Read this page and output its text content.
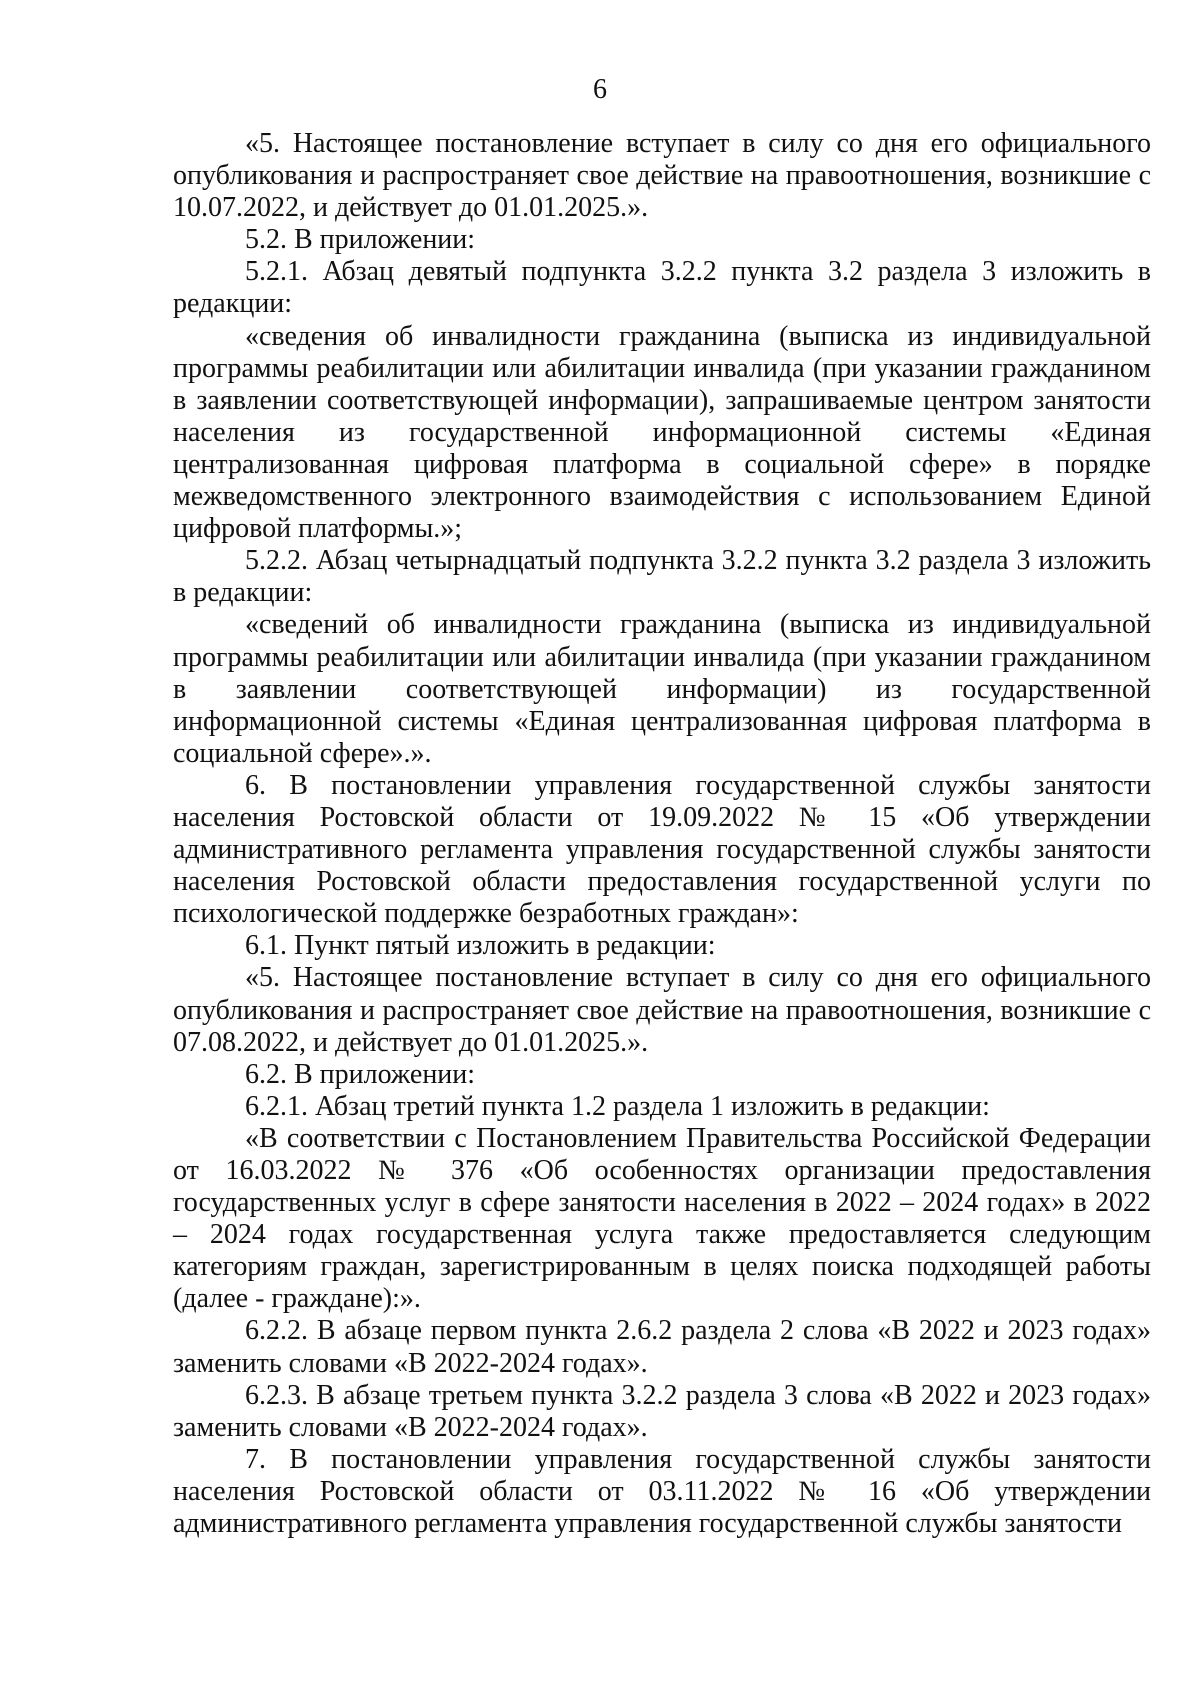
6

«5. Настоящее постановление вступает в силу со дня его официального опубликования и распространяет свое действие на правоотношения, возникшие с 10.07.2022, и действует до 01.01.2025.».

5.2. В приложении:

5.2.1. Абзац девятый подпункта 3.2.2 пункта 3.2 раздела 3 изложить в редакции:

«сведения об инвалидности гражданина (выписка из индивидуальной программы реабилитации или абилитации инвалида (при указании гражданином в заявлении соответствующей информации), запрашиваемые центром занятости населения из государственной информационной системы «Единая централизованная цифровая платформа в социальной сфере» в порядке межведомственного электронного взаимодействия с использованием Единой цифровой платформы.»;

5.2.2. Абзац четырнадцатый подпункта 3.2.2 пункта 3.2 раздела 3 изложить в редакции:

«сведений об инвалидности гражданина (выписка из индивидуальной программы реабилитации или абилитации инвалида (при указании гражданином в заявлении соответствующей информации) из государственной информационной системы «Единая централизованная цифровая платформа в социальной сфере».».

6. В постановлении управления государственной службы занятости населения Ростовской области от 19.09.2022 № 15 «Об утверждении административного регламента управления государственной службы занятости населения Ростовской области предоставления государственной услуги по психологической поддержке безработных граждан»:

6.1. Пункт пятый изложить в редакции:

«5. Настоящее постановление вступает в силу со дня его официального опубликования и распространяет свое действие на правоотношения, возникшие с 07.08.2022, и действует до 01.01.2025.».

6.2. В приложении:

6.2.1. Абзац третий пункта 1.2 раздела 1 изложить в редакции:

«В соответствии с Постановлением Правительства Российской Федерации от 16.03.2022 № 376 «Об особенностях организации предоставления государственных услуг в сфере занятости населения в 2022 – 2024 годах» в 2022 – 2024 годах государственная услуга также предоставляется следующим категориям граждан, зарегистрированным в целях поиска подходящей работы (далее - граждане):».

6.2.2. В абзаце первом пункта 2.6.2 раздела 2 слова «В 2022 и 2023 годах» заменить словами «В 2022-2024 годах».

6.2.3. В абзаце третьем пункта 3.2.2 раздела 3 слова «В 2022 и 2023 годах» заменить словами «В 2022-2024 годах».

7. В постановлении управления государственной службы занятости населения Ростовской области от 03.11.2022 № 16 «Об утверждении административного регламента управления государственной службы занятости
